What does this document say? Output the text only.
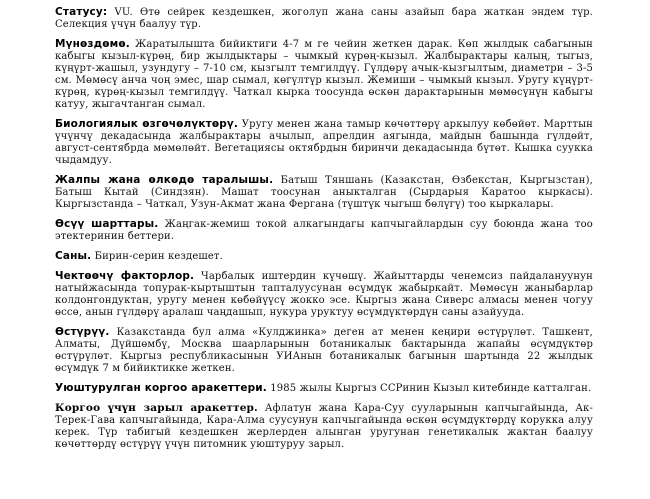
Статусу: VU. Өтө сейрек кездешкен, жоголуп жана саны азайып бара жаткан эндем түр. Селекция үчүн баалуу түр.

Мүнөздөмө. Жаратылышта бийиктиги 4-7 м ге чейин жеткен дарак. Көп жылдык сабагынын кабыгы кызыл-күрөң, бир жылдыктары – чымкый күрөң-кызыл. Жалбырактары калың, тыгыз, күңүрт-жашыл, узундугу – 7-10 см, кызгылт темгилдүү. Гүлдөрү ачык-кызгылтым, диаметри – 3-5 см. Мөмөсү анча чоң эмес, шар сымал, көгүлтүр кызыл. Жемиши – чымкый кызыл. Уругу күңүрт-күрөң, күрөң-кызыл темгилдүү. Чаткал кырка тоосунда өскөн дарактарынын мөмөсүнүн кабыгы катуу, жыгачтанган сымал.

Биологиялык өзгөчөлүктөрү. Уругу менен жана тамыр көчөттөрү аркылуу көбөйөт. Марттын үчүнчү декадасында жалбырактары ачылып, апрелдин аягында, майдын башында гүлдөйт, август-сентябрда мөмөлөйт. Вегетациясы октябрдын биринчи декадасында бүтөт. Кышка суукка чыдамдуу.

Жалпы жана өлкөдө таралышы. Батыш Тяншань (Казакстан, Өзбекстан, Кыргызстан), Батыш Кытай (Синдзян). Машат тоосунан аныкталган (Сырдарыя Каратоо кыркасы). Кыргызстанда – Чаткал, Узун-Акмат жана Фергана (түштүк чыгыш бөлүгү) тоо кыркалары.

Өсүү шарттары. Жаңгак-жемиш токой алкагындагы капчыгайлардын суу боюнда жана тоо этектеринин беттери.

Саны. Бирин-серин кездешет.

Чектөөчү факторлор. Чарбалык иштердин күчөшү. Жайыттарды ченемсиз пайдалануунун натыйжасында топурак-кыртыштын тапталуусунан өсүмдүк жабыркайт. Мөмөсүн жаныбарлар колдонгондуктан, уругу менен көбөйүүсү жокко эсе. Кыргыз жана Сиверс алмасы менен чогуу өссө, анын гүлдөрү аралаш чаңдашып, нукура уруктуу өсүмдүктөрдүн саны азайууда.

Өстүрүү. Казакстанда бул алма «Кулджинка» деген ат менен кеңири өстүрүлөт. Ташкент, Алматы, Дүйшөмбү, Москва шаарларынын ботаникалык бактарында жапайы өсүмдүктөр өстүрүлөт. Кыргыз республикасынын УИАнын ботаникалык багынын шартында 22 жылдык өсүмдүк 7 м бийиктикке жеткен.

Уюштурулган коргоо аракеттери. 1985 жылы Кыргыз ССРинин Кызыл китебинде катталган.

Коргоо үчүн зарыл аракеттер. Афлатун жана Кара-Суу сууларынын капчыгайында, Ак-Терек-Гава капчыгайында, Кара-Алма суусунун капчыгайында өскөн өсүмдүктөрдү корукка алуу керек. Түр табигый кездешкен жерлерден алынган уругунан генетикалык жактан баалуу көчөттөрдү өстүрүү үчүн питомник уюштуруу зарыл.
